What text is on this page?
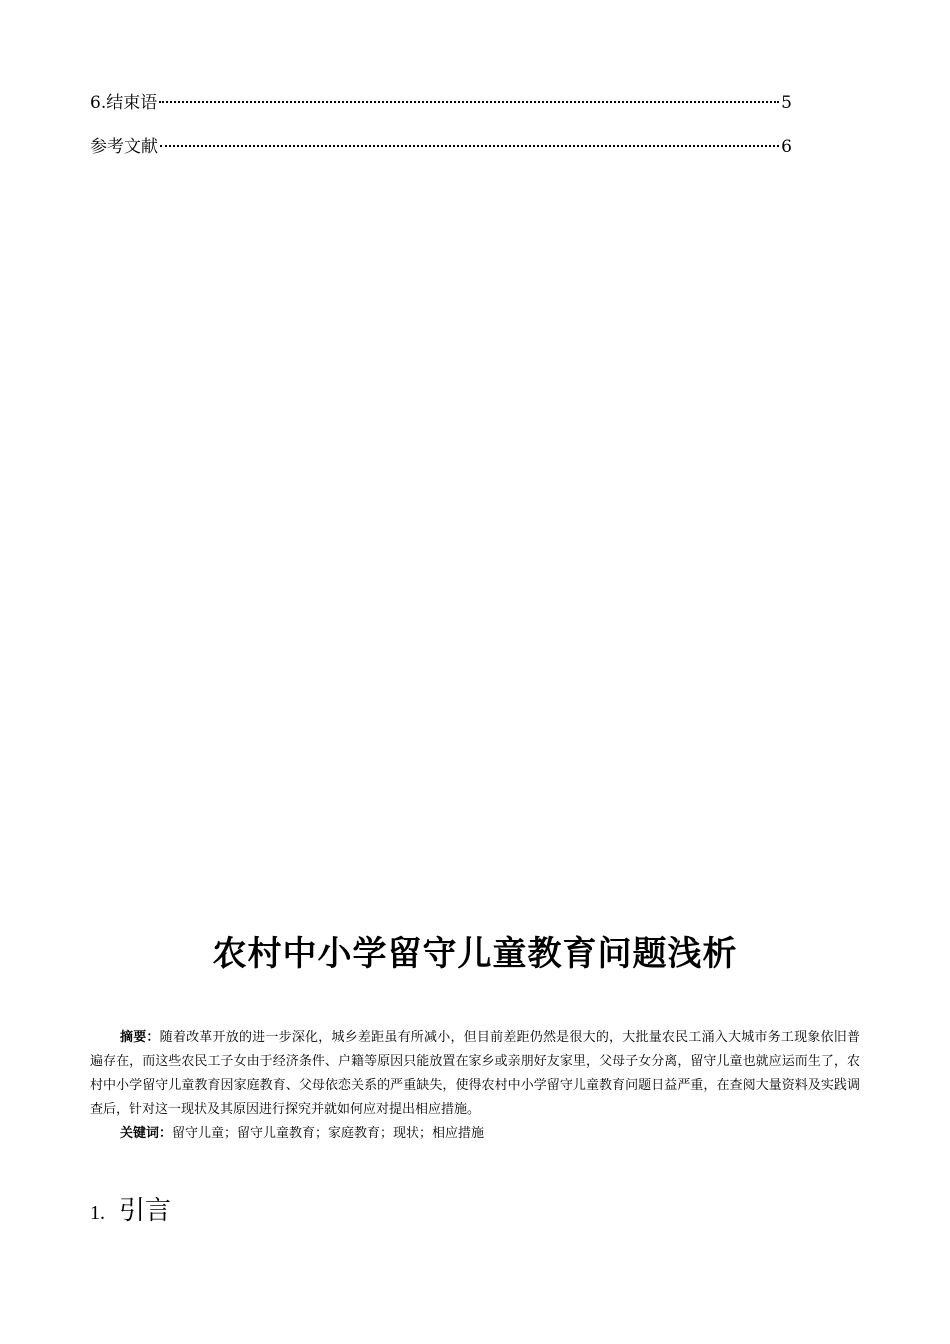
6.结束语	5
参考文献	6
农村中小学留守儿童教育问题浅析

摘要：随着改革开放的进一步深化，城乡差距虽有所减小，但目前差距仍然是很大的，大批量农民工涌入大城市务工现象依旧普遍存在，而这些农民工子女由于经济条件、户籍等原因只能放置在家乡或亲朋好友家里，父母子女分离，留守儿童也就应运而生了，农村中小学留守儿童教育因家庭教育、父母依恋关系的严重缺失，使得农村中小学留守儿童教育问题日益严重，在查阅大量资料及实践调查后，针对这一现状及其原因进行探究并就如何应对提出相应措施。

关键词：留守儿童；留守儿童教育；家庭教育；现状；相应措施

1. 引言
